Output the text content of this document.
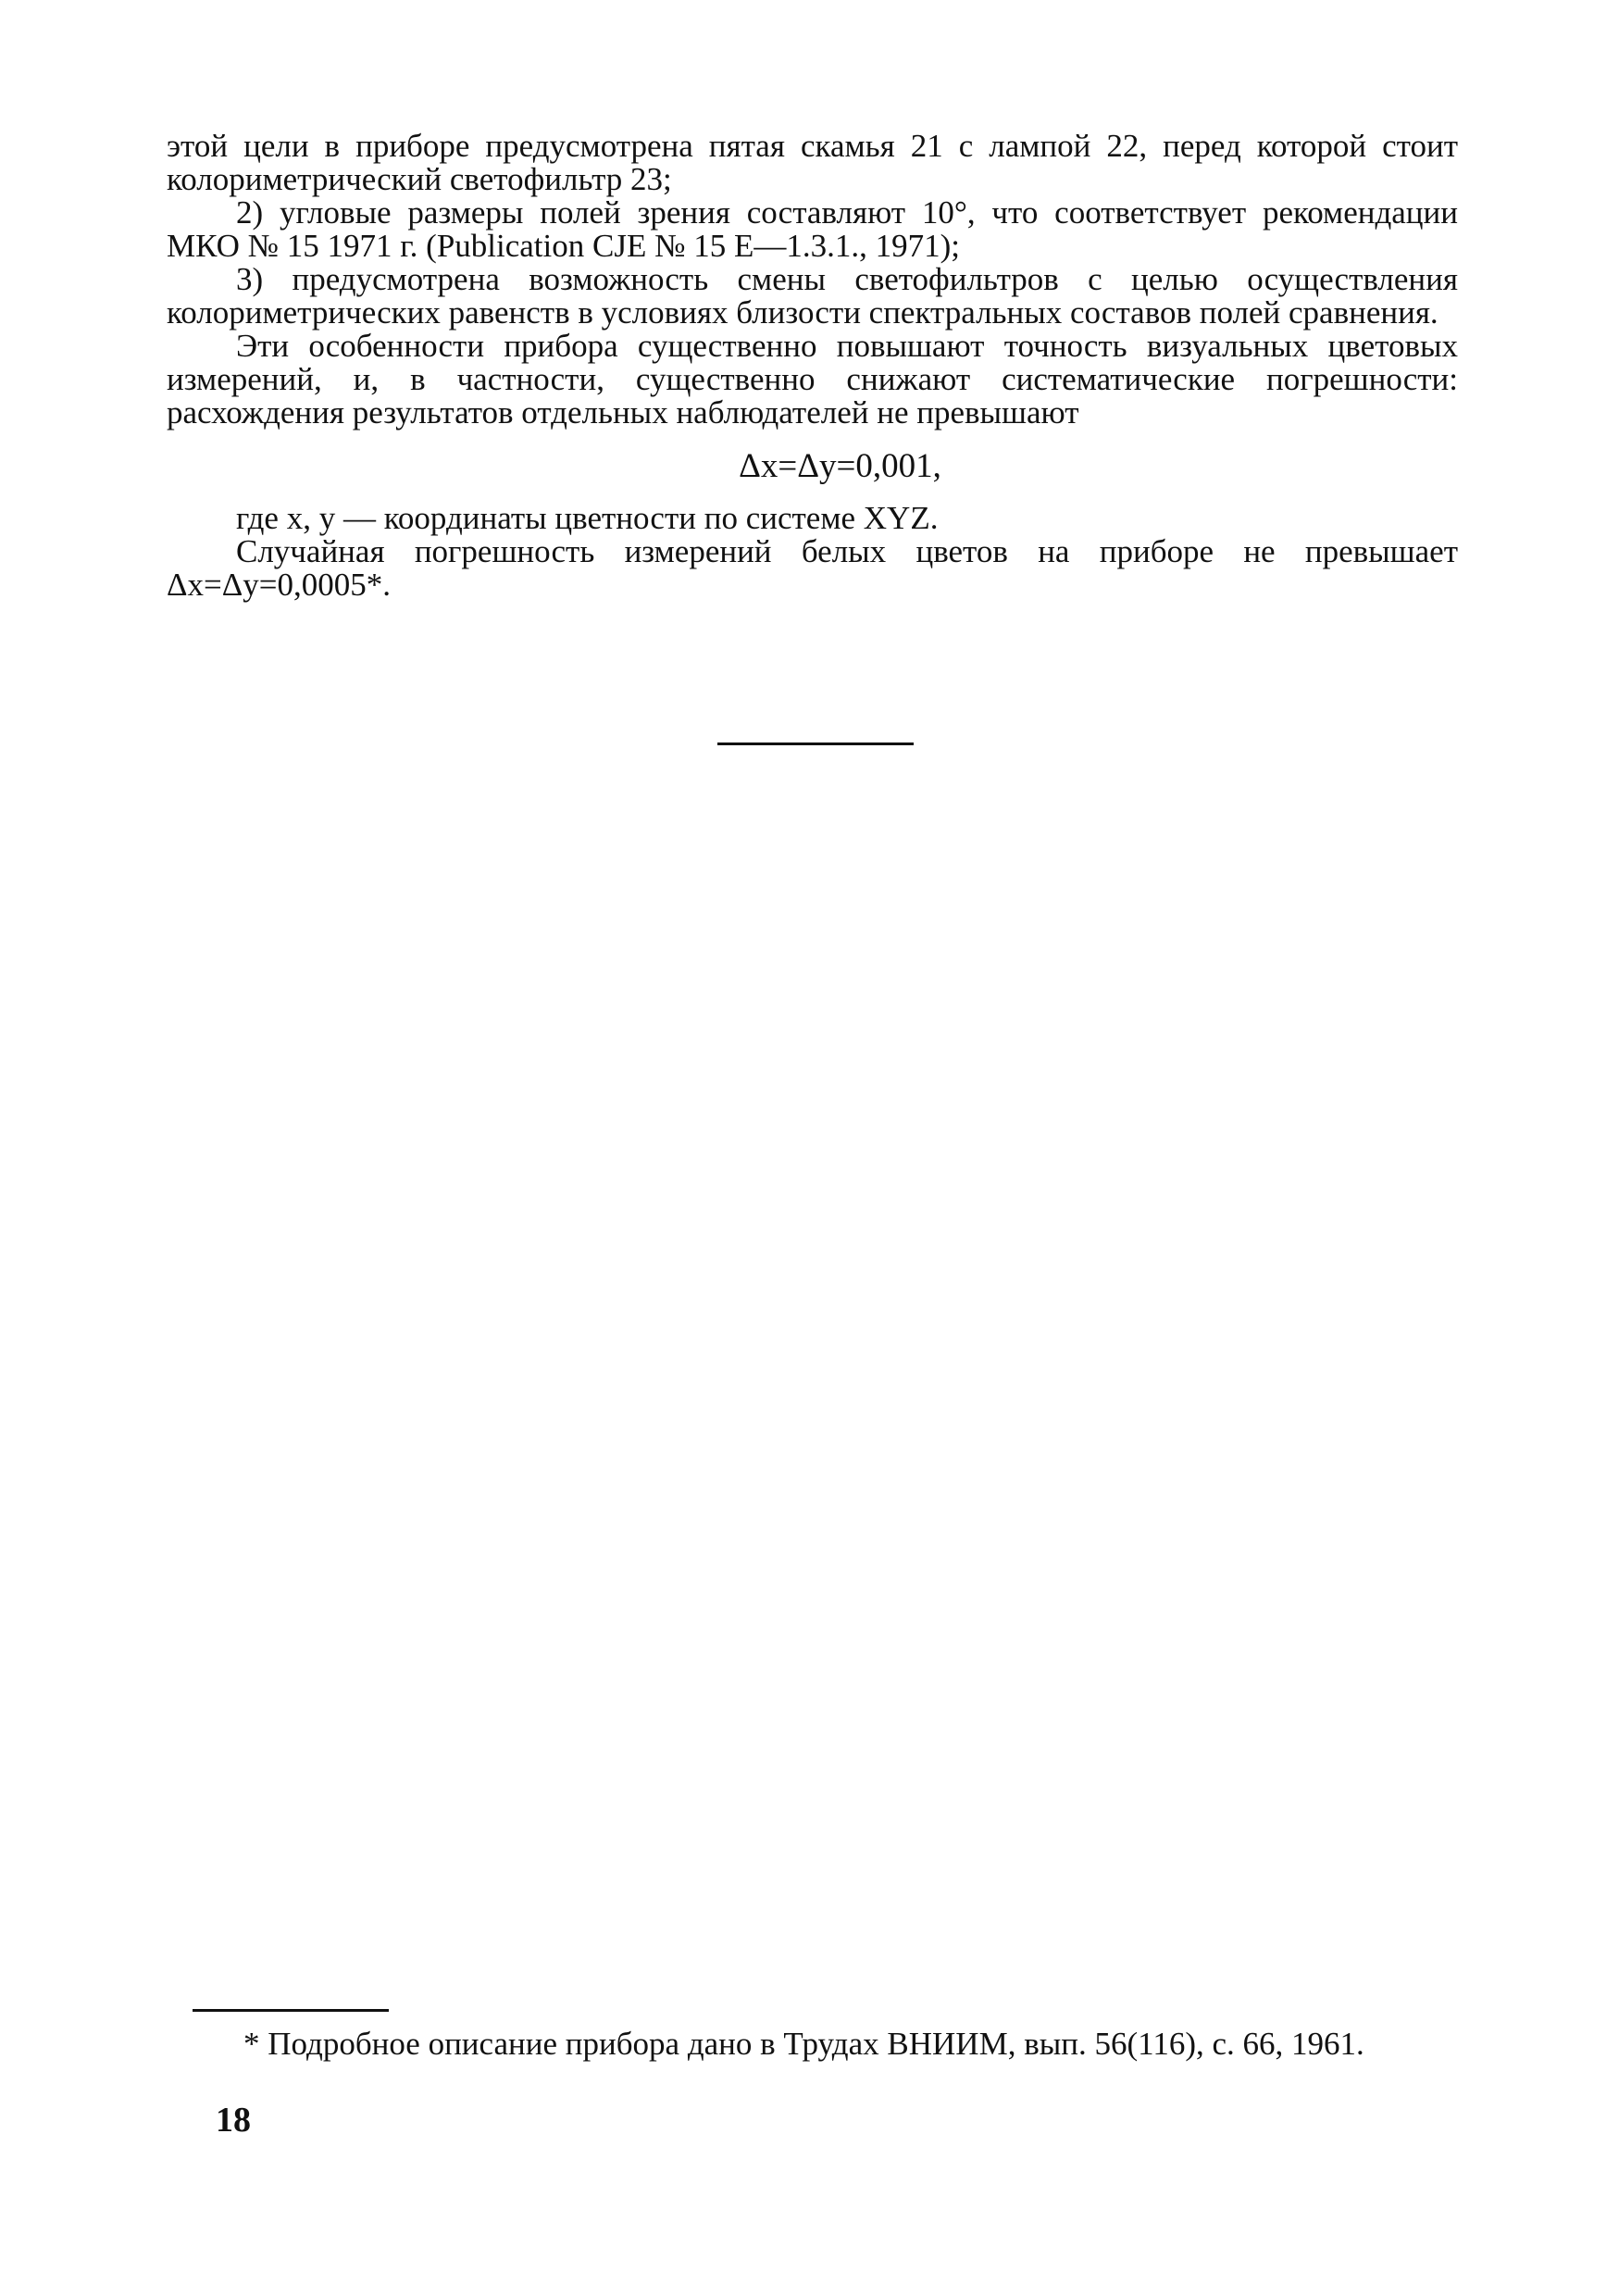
этой цели в приборе предусмотрена пятая скамья 21 с лампой 22, перед которой стоит колориметрический светофильтр 23;

2) угловые размеры полей зрения составляют 10°, что соответствует рекомендации МКО № 15 1971 г. (Publication CJE № 15 E—1.3.1., 1971);

3) предусмотрена возможность смены светофильтров с целью осуществления колориметрических равенств в условиях близости спектральных составов полей сравнения.

Эти особенности прибора существенно повышают точность визуальных цветовых измерений, и, в частности, существенно снижают систематические погрешности: расхождения результатов отдельных наблюдателей не превышают

Δx=Δy=0,001,

где x, y — координаты цветности по системе XYZ.

Случайная погрешность измерений белых цветов на приборе не превышает Δx=Δy=0,0005*.

* Подробное описание прибора дано в Трудах ВНИИМ, вып. 56(116), с. 66, 1961.
18
